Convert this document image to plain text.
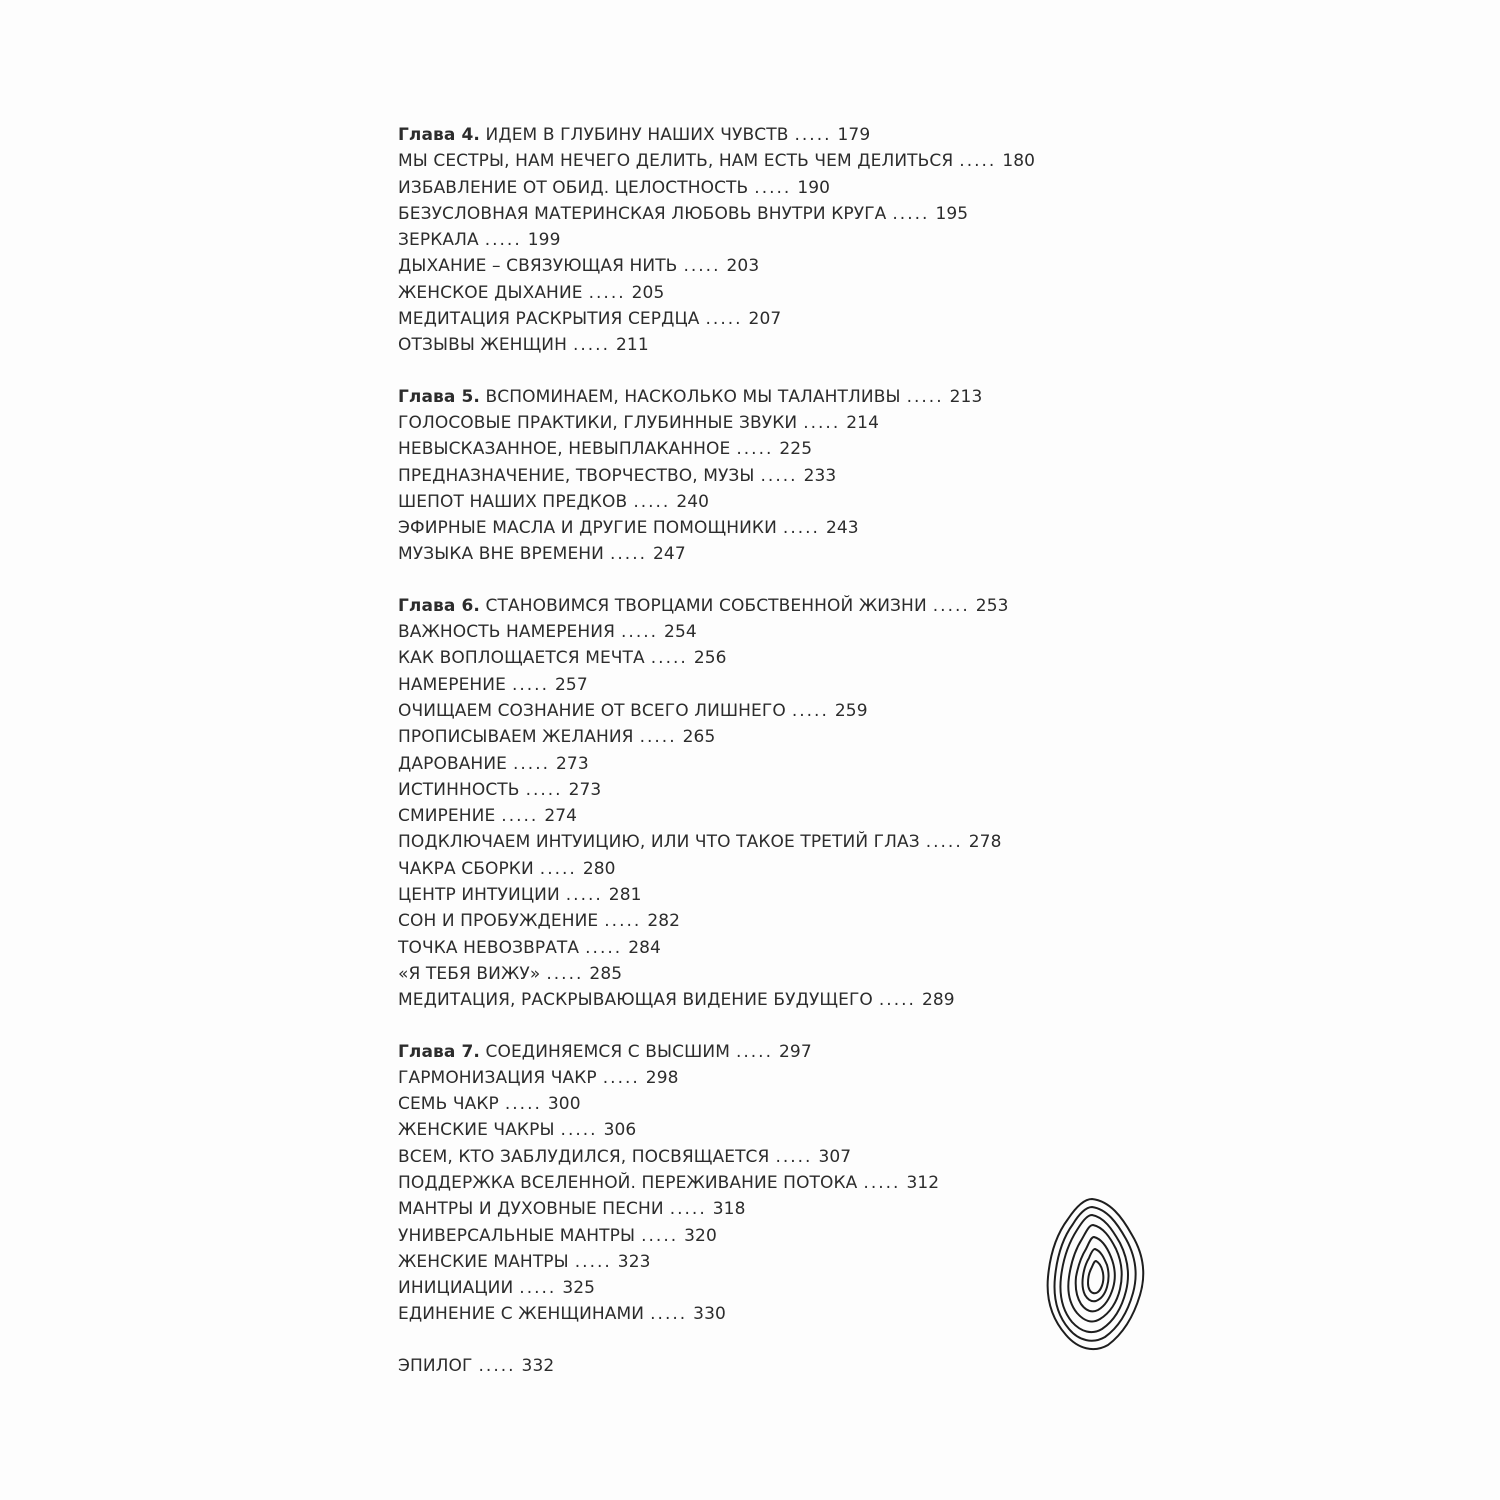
Глава 4. ИДЕМ В ГЛУБИНУ НАШИХ ЧУВСТВ ..... 179
МЫ СЕСТРЫ, НАМ НЕЧЕГО ДЕЛИТЬ, НАМ ЕСТЬ ЧЕМ ДЕЛИТЬСЯ ..... 180
ИЗБАВЛЕНИЕ ОТ ОБИД. ЦЕЛОСТНОСТЬ ..... 190
БЕЗУСЛОВНАЯ МАТЕРИНСКАЯ ЛЮБОВЬ ВНУТРИ КРУГА ..... 195
ЗЕРКАЛА ..... 199
ДЫХАНИЕ – СВЯЗУЮЩАЯ НИТЬ ..... 203
ЖЕНСКОЕ ДЫХАНИЕ ..... 205
МЕДИТАЦИЯ РАСКРЫТИЯ СЕРДЦА ..... 207
ОТЗЫВЫ ЖЕНЩИН ..... 211
Глава 5. ВСПОМИНАЕМ, НАСКОЛЬКО МЫ ТАЛАНТЛИВЫ ..... 213
ГОЛОСОВЫЕ ПРАКТИКИ, ГЛУБИННЫЕ ЗВУКИ ..... 214
НЕВЫСКАЗАННОЕ, НЕВЫПЛАКАННОЕ ..... 225
ПРЕДНАЗНАЧЕНИЕ, ТВОРЧЕСТВО, МУЗЫ ..... 233
ШЕПОТ НАШИХ ПРЕДКОВ ..... 240
ЭФИРНЫЕ МАСЛА И ДРУГИЕ ПОМОЩНИКИ ..... 243
МУЗЫКА ВНЕ ВРЕМЕНИ ..... 247
Глава 6. СТАНОВИМСЯ ТВОРЦАМИ СОБСТВЕННОЙ ЖИЗНИ ..... 253
ВАЖНОСТЬ НАМЕРЕНИЯ ..... 254
КАК ВОПЛОЩАЕТСЯ МЕЧТА ..... 256
НАМЕРЕНИЕ ..... 257
ОЧИЩАЕМ СОЗНАНИЕ ОТ ВСЕГО ЛИШНЕГО ..... 259
ПРОПИСЫВАЕМ ЖЕЛАНИЯ ..... 265
ДАРОВАНИЕ ..... 273
ИСТИННОСТЬ ..... 273
СМИРЕНИЕ ..... 274
ПОДКЛЮЧАЕМ ИНТУИЦИЮ, ИЛИ ЧТО ТАКОЕ ТРЕТИЙ ГЛАЗ ..... 278
ЧАКРА СБОРКИ ..... 280
ЦЕНТР ИНТУИЦИИ ..... 281
СОН И ПРОБУЖДЕНИЕ ..... 282
ТОЧКА НЕВОЗВРАТА ..... 284
«Я ТЕБЯ ВИЖУ» ..... 285
МЕДИТАЦИЯ, РАСКРЫВАЮЩАЯ ВИДЕНИЕ БУДУЩЕГО ..... 289
Глава 7. СОЕДИНЯЕМСЯ С ВЫСШИМ ..... 297
ГАРМОНИЗАЦИЯ ЧАКР ..... 298
СЕМЬ ЧАКР ..... 300
ЖЕНСКИЕ ЧАКРЫ ..... 306
ВСЕМ, КТО ЗАБЛУДИЛСЯ, ПОСВЯЩАЕТСЯ ..... 307
ПОДДЕРЖКА ВСЕЛЕННОЙ. ПЕРЕЖИВАНИЕ ПОТОКА ..... 312
МАНТРЫ И ДУХОВНЫЕ ПЕСНИ ..... 318
УНИВЕРСАЛЬНЫЕ МАНТРЫ ..... 320
ЖЕНСКИЕ МАНТРЫ ..... 323
ИНИЦИАЦИИ ..... 325
ЕДИНЕНИЕ С ЖЕНЩИНАМИ ..... 330
ЭПИЛОГ ..... 332
